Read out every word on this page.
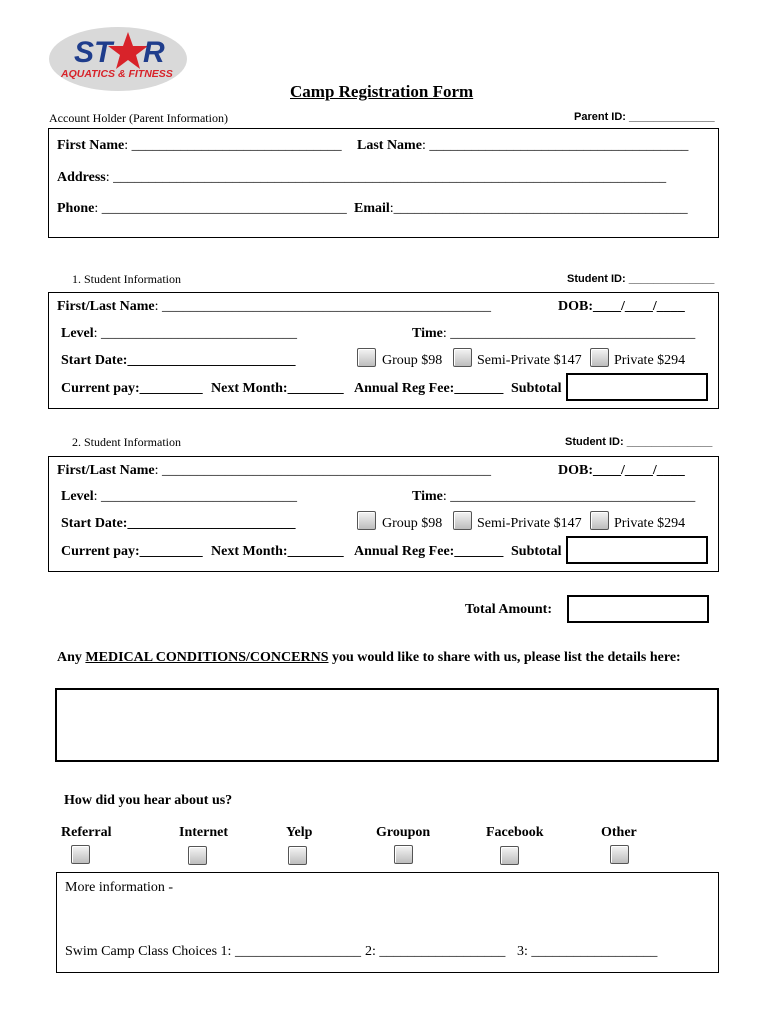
ST R
AQUATICS & FITNESS
Camp Registration Form
Account Holder (Parent Information)	Parent ID: ______________
First Name: ______________________________ Last Name: _____________________________________
Address: _______________________________________________________________________________
Phone: ___________________________________ Email:__________________________________________
1. Student Information	Student ID: ______________
First/Last Name: _______________________________________________	DOB:____/____/____
Level: ____________________________	Time: ___________________________________
Start Date:________________________	Group $98 Semi-Private $147 Private $294
Current pay:_________ Next Month:________ Annual Reg Fee:_______ Subtotal
2. Student Information	Student ID: ______________
First/Last Name: _______________________________________________	DOB:____/____/____
Level: ____________________________	Time: ___________________________________
Start Date:________________________	Group $98 Semi-Private $147 Private $294
Current pay:_________ Next Month:________ Annual Reg Fee:_______ Subtotal
Total Amount:
Any MEDICAL CONDITIONS/CONCERNS you would like to share with us, please list the details here:
How did you hear about us?
Referral	Internet	Yelp	Groupon	Facebook	Other
More information -
Swim Camp Class Choices 1: __________________ 2: __________________ 3: __________________
